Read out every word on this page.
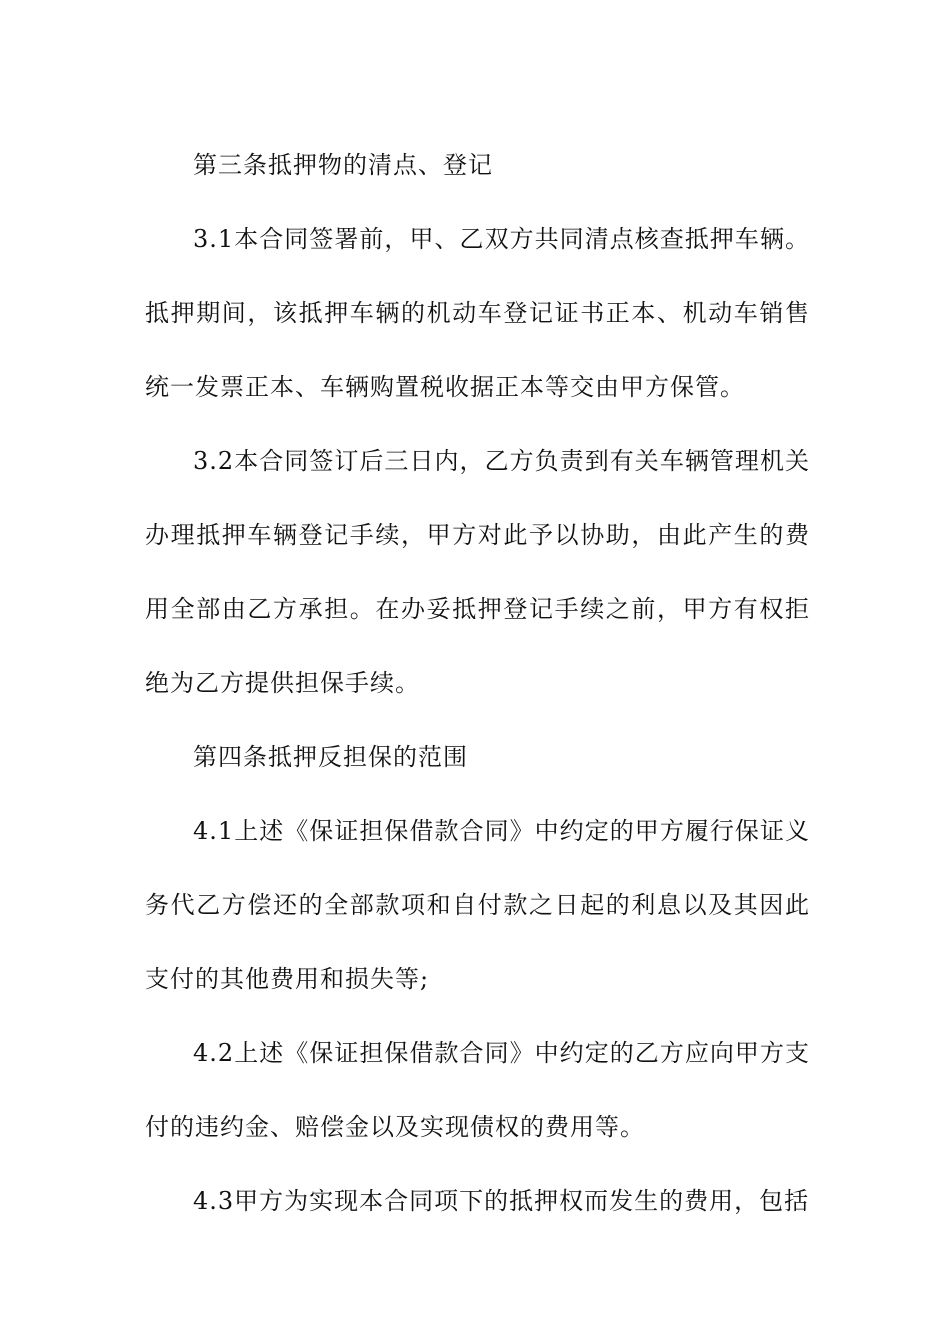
第三条抵押物的清点、登记

3.1本合同签署前，甲、乙双方共同清点核查抵押车辆。抵押期间，该抵押车辆的机动车登记证书正本、机动车销售统一发票正本、车辆购置税收据正本等交由甲方保管。

3.2本合同签订后三日内，乙方负责到有关车辆管理机关办理抵押车辆登记手续，甲方对此予以协助，由此产生的费用全部由乙方承担。在办妥抵押登记手续之前，甲方有权拒绝为乙方提供担保手续。

第四条抵押反担保的范围

4.1上述《保证担保借款合同》中约定的甲方履行保证义务代乙方偿还的全部款项和自付款之日起的利息以及其因此支付的其他费用和损失等;

4.2上述《保证担保借款合同》中约定的乙方应向甲方支付的违约金、赔偿金以及实现债权的费用等。

4.3甲方为实现本合同项下的抵押权而发生的费用，包括
